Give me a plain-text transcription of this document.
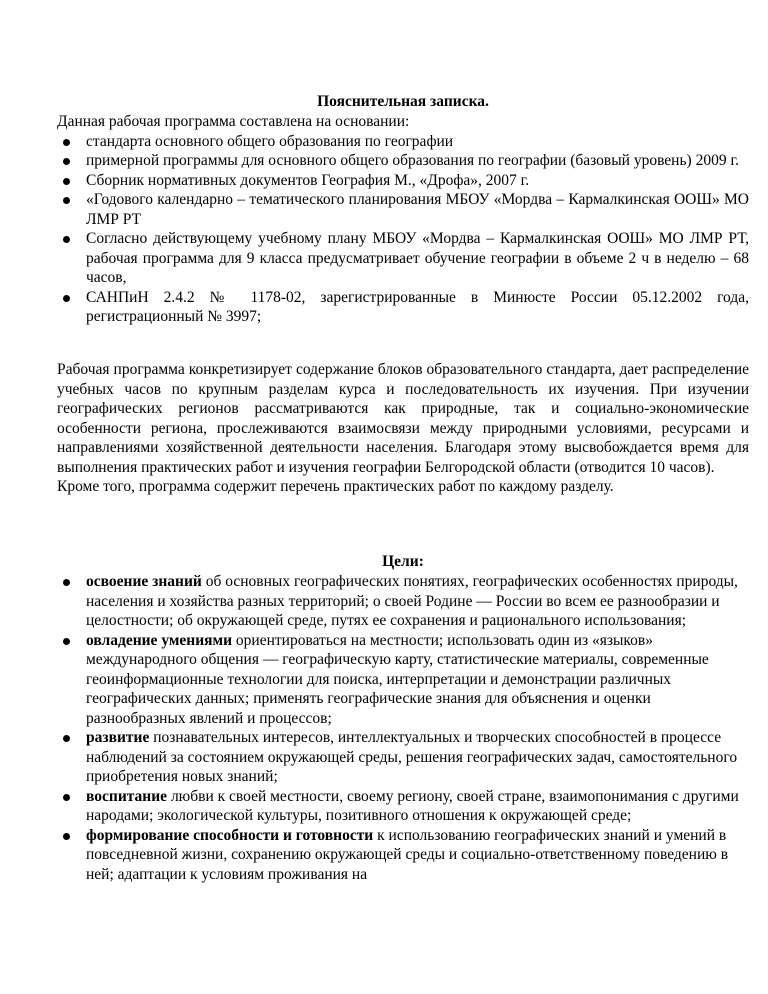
Пояснительная записка.

Данная рабочая программа составлена на основании:

стандарта основного общего образования по географии
примерной программы для основного общего образования по географии (базовый уровень) 2009 г.
Сборник нормативных документов География М., «Дрофа», 2007 г.
«Годового календарно – тематического планирования МБОУ «Мордва – Кармалкинская ООШ» МО ЛМР РТ
Согласно действующему учебному плану МБОУ «Мордва – Кармалкинская ООШ» МО ЛМР РТ, рабочая программа для 9 класса предусматривает обучение географии в объеме 2 ч в неделю – 68 часов,
САНПиН 2.4.2 № 1178-02, зарегистрированные в Минюсте России 05.12.2002 года, регистрационный № 3997;

Рабочая программа конкретизирует содержание блоков образовательного стандарта, дает распределение учебных часов по крупным разделам курса и последовательность их изучения. При изучении географических регионов рассматриваются как природные, так и социально-экономические особенности региона, прослеживаются взаимосвязи между природными условиями, ресурсами и направлениями хозяйственной деятельности населения. Благодаря этому высвобождается время для выполнения практических работ и изучения географии Белгородской области (отводится 10 часов).

Кроме того, программа содержит перечень практических работ по каждому разделу.

Цели:

освоение знаний об основных географических понятиях, географических особенностях природы, населения и хозяйства разных территорий; о своей Родине — России во всем ее разнообразии и целостности; об окружающей среде, путях ее сохранения и рационального использования;
овладение умениями ориентироваться на местности; использовать один из «языков» международного общения — географическую карту, статистические материалы, современные геоинформационные технологии для поиска, интерпретации и демонстрации различных географических данных; применять географические знания для объяснения и оценки разнообразных явлений и процессов;
развитие познавательных интересов, интеллектуальных и творческих способностей в процессе наблюдений за состоянием окружающей среды, решения географических задач, самостоятельного приобретения новых знаний;
воспитание любви к своей местности, своему региону, своей стране, взаимопонимания с другими народами; экологической культуры, позитивного отношения к окружающей среде;
формирование способности и готовности к использованию географических знаний и умений в повседневной жизни, сохранению окружающей среды и социально-ответственному поведению в ней; адаптации к условиям проживания на
